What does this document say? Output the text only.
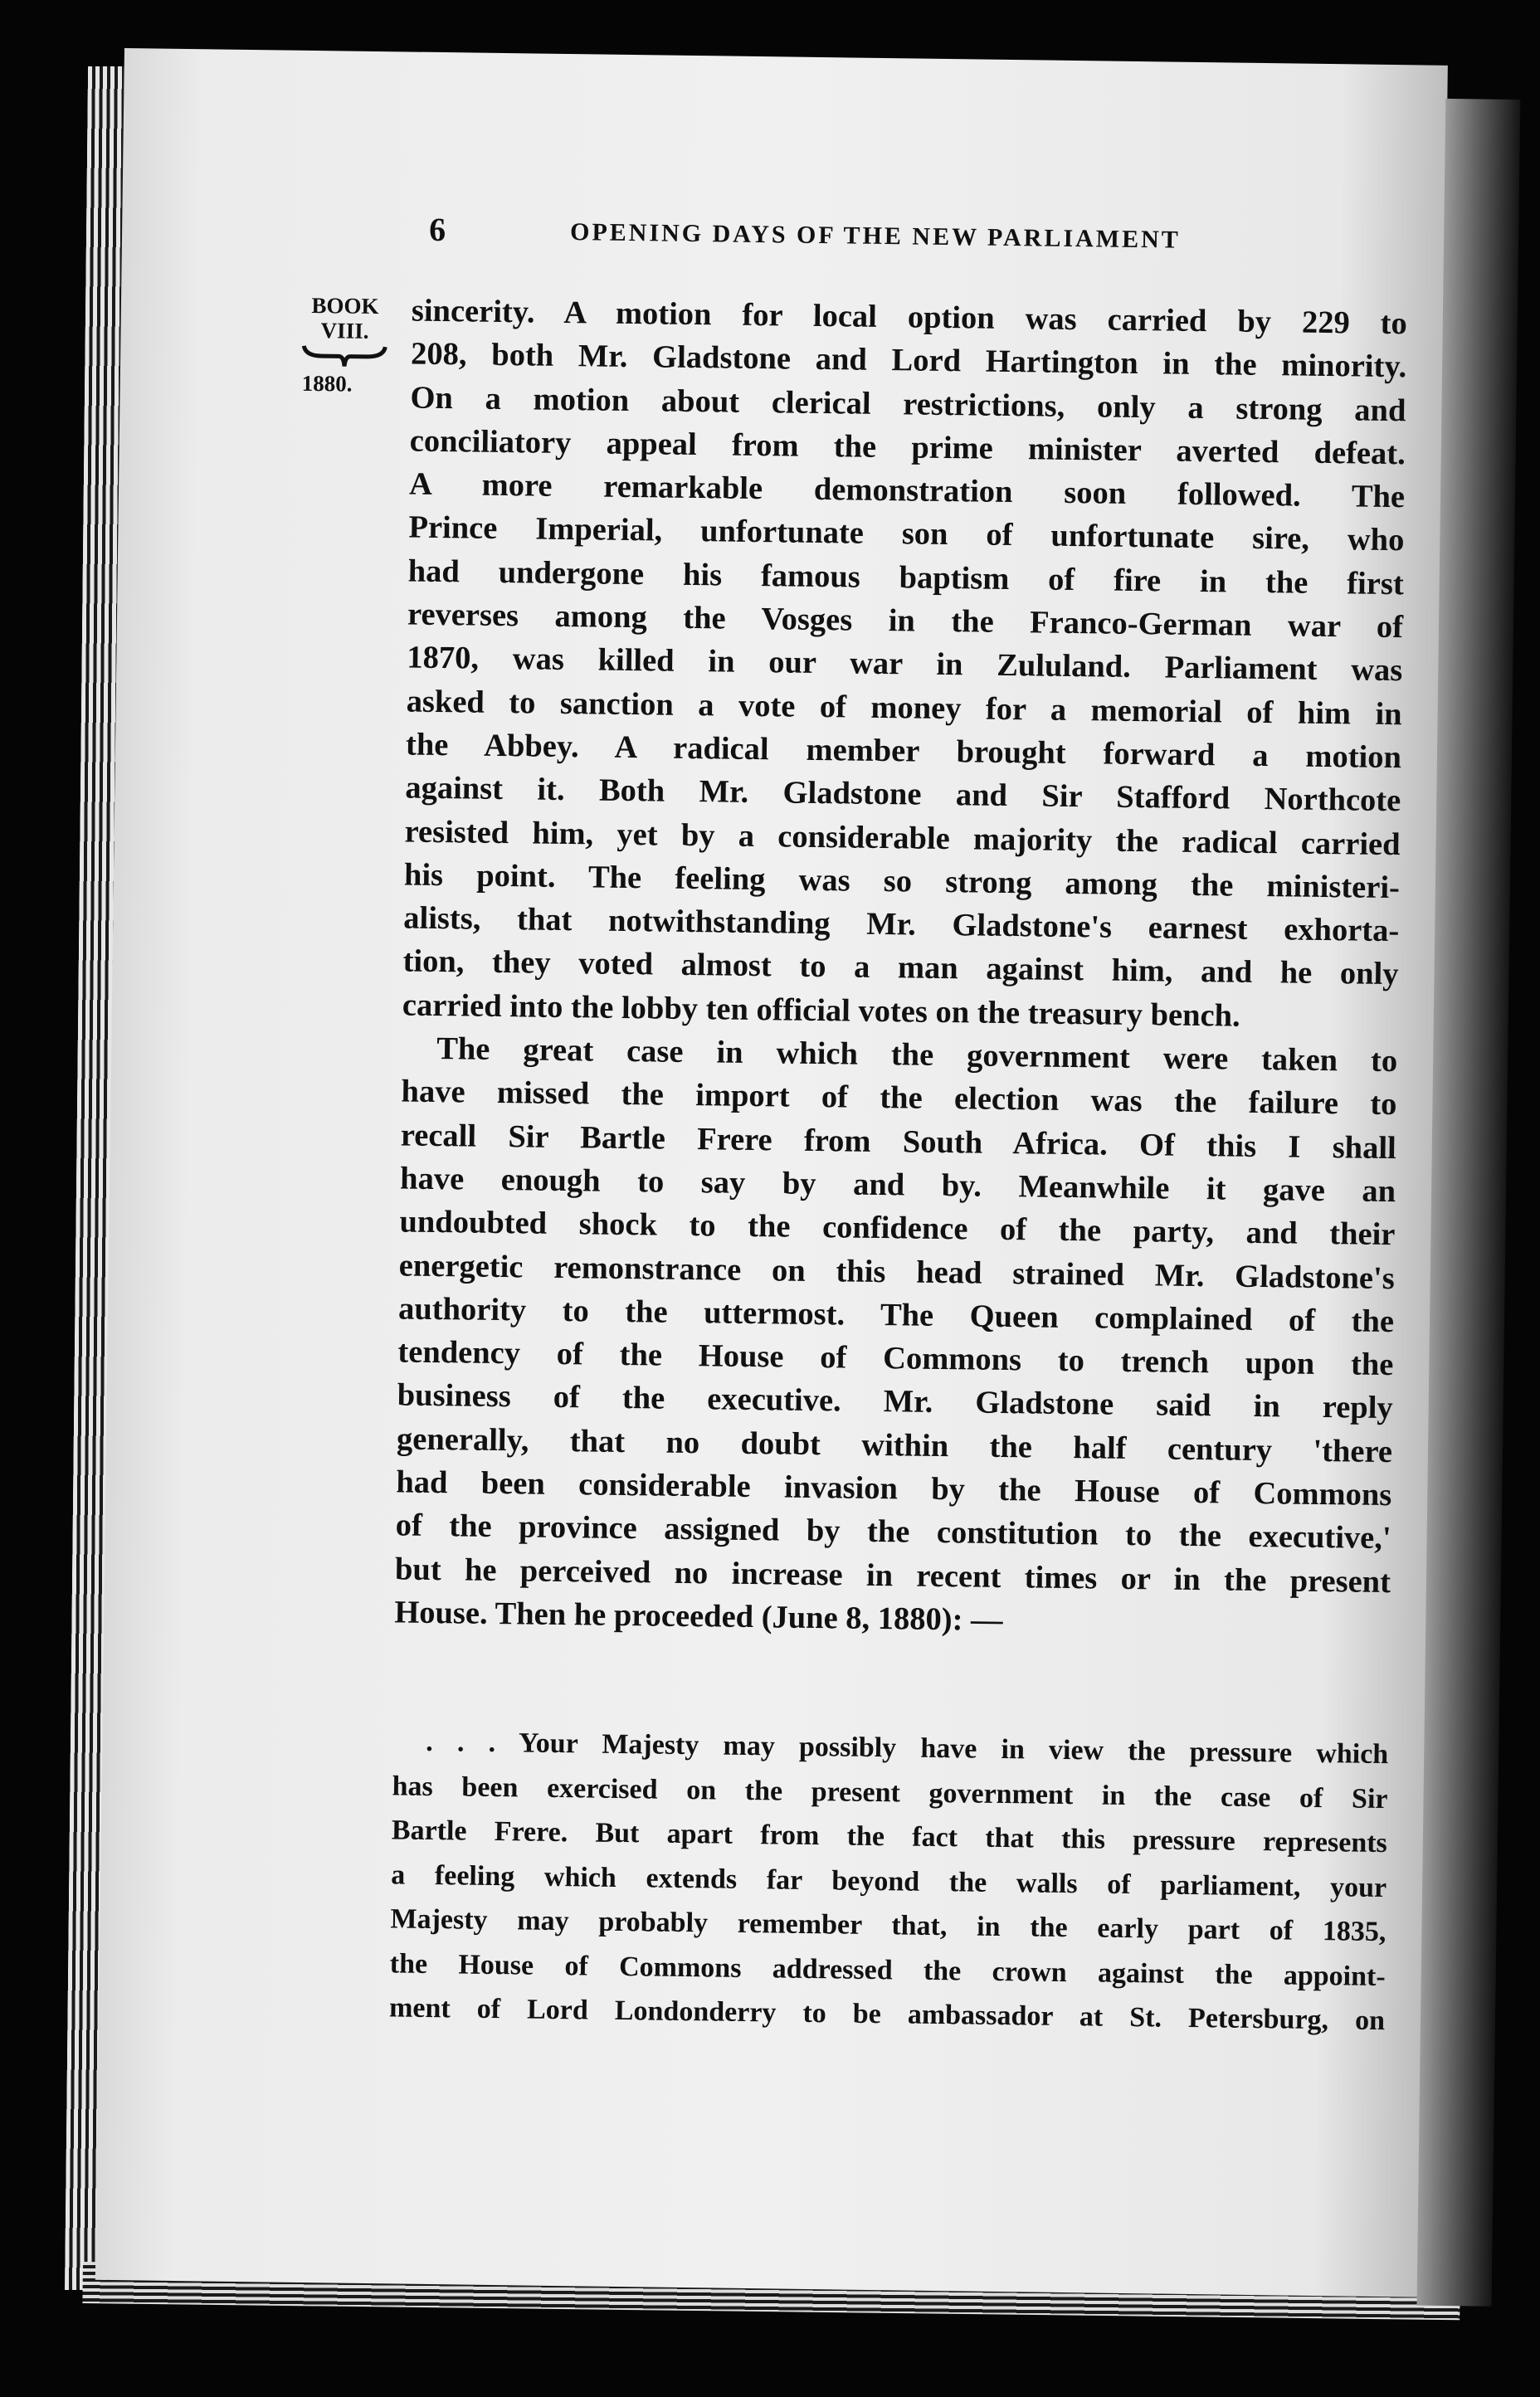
6	OPENING DAYS OF THE NEW PARLIAMENT
BOOK
VIII.
1880.
sincerity. A motion for local option was carried by 229 to
208, both Mr. Gladstone and Lord Hartington in the minority.
On a motion about clerical restrictions, only a strong and
conciliatory appeal from the prime minister averted defeat.
A more remarkable demonstration soon followed. The
Prince Imperial, unfortunate son of unfortunate sire, who
had undergone his famous baptism of fire in the first
reverses among the Vosges in the Franco-German war of
1870, was killed in our war in Zululand. Parliament was
asked to sanction a vote of money for a memorial of him in
the Abbey. A radical member brought forward a motion
against it. Both Mr. Gladstone and Sir Stafford Northcote
resisted him, yet by a considerable majority the radical carried
his point. The feeling was so strong among the ministeri-
alists, that notwithstanding Mr. Gladstone's earnest exhorta-
tion, they voted almost to a man against him, and he only
carried into the lobby ten official votes on the treasury bench.
The great case in which the government were taken to
have missed the import of the election was the failure to
recall Sir Bartle Frere from South Africa. Of this I shall
have enough to say by and by. Meanwhile it gave an
undoubted shock to the confidence of the party, and their
energetic remonstrance on this head strained Mr. Gladstone's
authority to the uttermost. The Queen complained of the
tendency of the House of Commons to trench upon the
business of the executive. Mr. Gladstone said in reply
generally, that no doubt within the half century 'there
had been considerable invasion by the House of Commons
of the province assigned by the constitution to the executive,'
but he perceived no increase in recent times or in the present
House. Then he proceeded (June 8, 1880): —
. . . Your Majesty may possibly have in view the pressure which
has been exercised on the present government in the case of Sir
Bartle Frere. But apart from the fact that this pressure represents
a feeling which extends far beyond the walls of parliament, your
Majesty may probably remember that, in the early part of 1835,
the House of Commons addressed the crown against the appoint-
ment of Lord Londonderry to be ambassador at St. Petersburg, on
